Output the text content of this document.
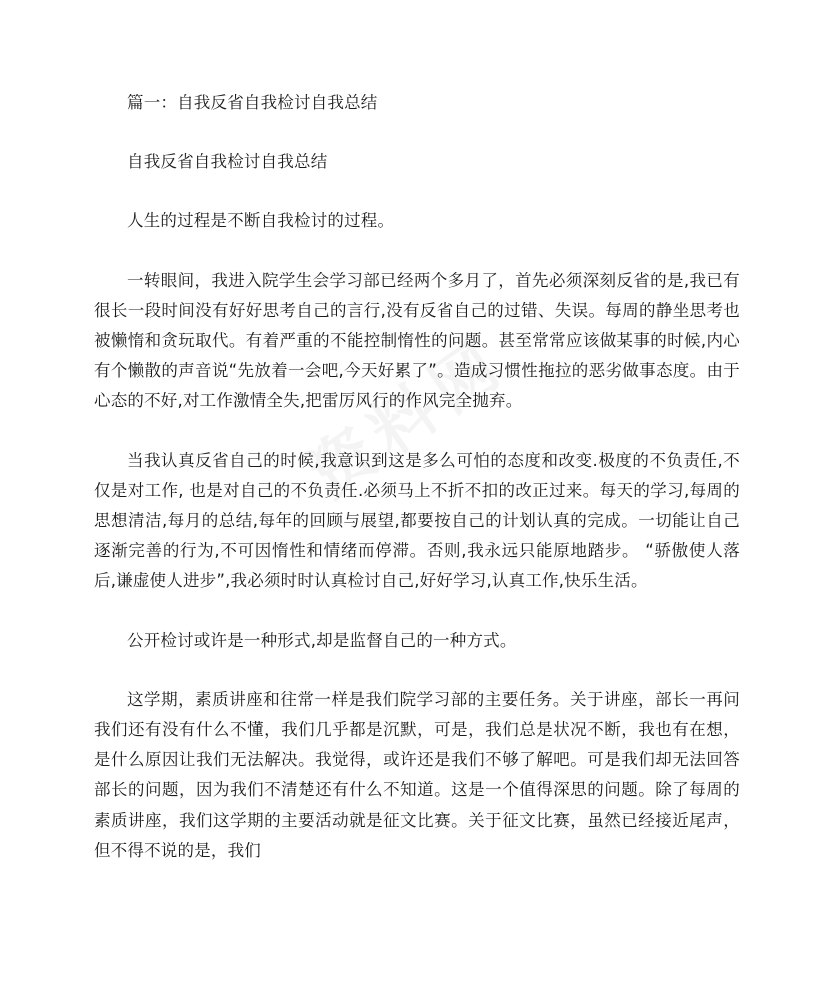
篇一：自我反省自我检讨自我总结

自我反省自我检讨自我总结

人生的过程是不断自我检讨的过程。

一转眼间，我进入院学生会学习部已经两个多月了，首先必须深刻反省的是,我已有很长一段时间没有好好思考自己的言行,没有反省自己的过错、失误。每周的静坐思考也被懒惰和贪玩取代。有着严重的不能控制惰性的问题。甚至常常应该做某事的时候,内心有个懒散的声音说“先放着一会吧,今天好累了”。造成习惯性拖拉的恶劣做事态度。由于心态的不好,对工作激情全失,把雷厉风行的作风完全抛弃。

当我认真反省自己的时候,我意识到这是多么可怕的态度和改变.极度的不负责任,不仅是对工作, 也是对自己的不负责任.必须马上不折不扣的改正过来。每天的学习,每周的思想清洁,每月的总结,每年的回顾与展望,都要按自己的计划认真的完成。一切能让自己逐渐完善的行为,不可因惰性和情绪而停滞。否则,我永远只能原地踏步。 “骄傲使人落后,谦虚使人进步”,我必须时时认真检讨自己,好好学习,认真工作,快乐生活。

公开检讨或许是一种形式,却是监督自己的一种方式。

这学期，素质讲座和往常一样是我们院学习部的主要任务。关于讲座，部长一再问我们还有没有什么不懂，我们几乎都是沉默，可是，我们总是状况不断，我也有在想，是什么原因让我们无法解决。我觉得，或许还是我们不够了解吧。可是我们却无法回答部长的问题，因为我们不清楚还有什么不知道。这是一个值得深思的问题。除了每周的素质讲座，我们这学期的主要活动就是征文比赛。关于征文比赛，虽然已经接近尾声，但不得不说的是，我们
